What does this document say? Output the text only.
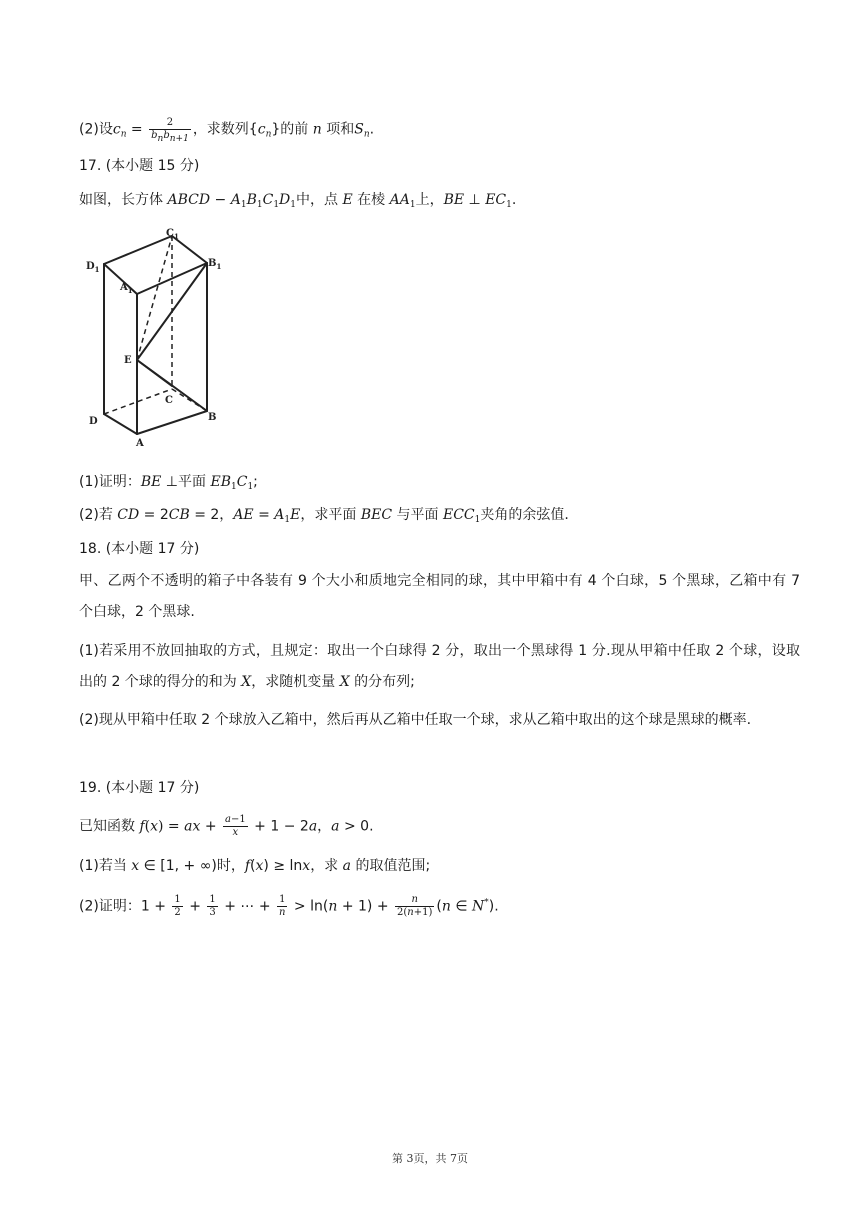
(2)设$c_n = \frac{2}{b_nb_{n+1}}$ ，求数列$\{c_n\}$的前 n 项和$S_n$.
17. (本小题 15 分)
如图，长方体 ABCD − $A_1B_1C_1D_1$中，点 E 在棱 $AA_1$上，BE ⊥ $EC_1$.
$C_1$
$D_1$
$B_1$
$A_1$
E
C
D	B
A
(1)证明：BE ⊥平面 $EB_1C_1$;
(2)若 CD = 2CB = 2，AE = $A_1E$，求平面 BEC 与平面 $ECC_1$夹角的余弦值.
18. (本小题 17 分)
甲、乙两个不透明的箱子中各装有 9 个大小和质地完全相同的球，其中甲箱中有 4 个白球，5 个黑球，乙箱中有 7 个白球，2 个黑球.
(1)若采用不放回抽取的方式，且规定：取出一个白球得 2 分，取出一个黑球得 1 分.现从甲箱中任取 2 个球，设取出的 2 个球的得分的和为 X，求随机变量 X 的分布列;
(2)现从甲箱中任取 2 个球放入乙箱中，然后再从乙箱中任取一个球，求从乙箱中取出的这个球是黑球的概率.
19. (本小题 17 分)
已知函数 f(x) = ax + $\frac{a-1}{x} + 1 - 2a$，a > 0.
(1)若当 x ∈ [1, + ∞)时，f(x) ≥ lnx，求 a 的取值范围;
(2)证明：$1 + \frac{1}{2} + \frac{1}{3}$ + ⋯ + $\frac{1}{n} > \ln(n + 1) + \frac{n}{2(n+1)} (n$ ∈ N*).
第 3页，共 7页
